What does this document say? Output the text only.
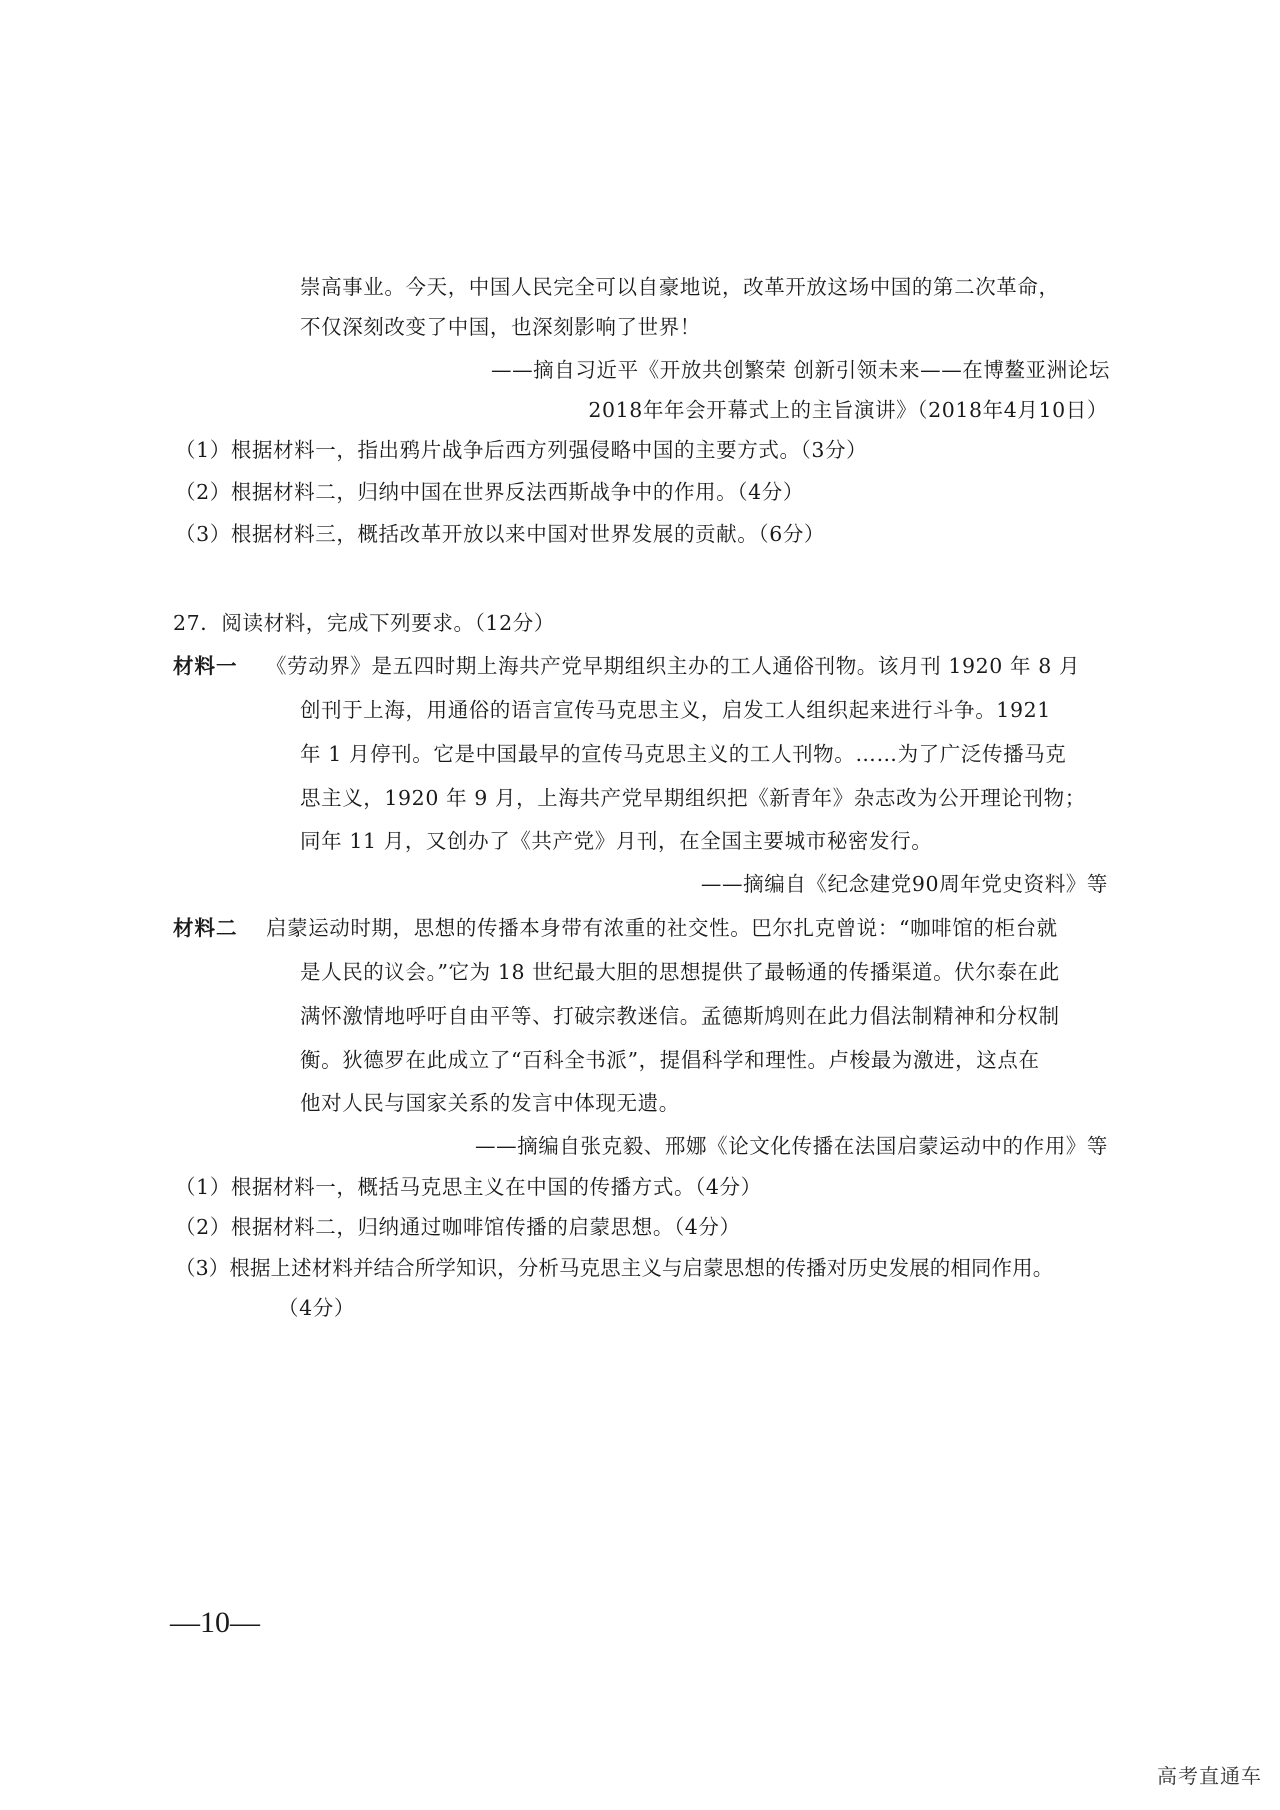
崇高事业。今天，中国人民完全可以自豪地说，改革开放这场中国的第二次革命，
不仅深刻改变了中国，也深刻影响了世界！
——摘自习近平《开放共创繁荣 创新引领未来——在博鳌亚洲论坛
2018年年会开幕式上的主旨演讲》（2018年4月10日）
（1）根据材料一，指出鸦片战争后西方列强侵略中国的主要方式。（3分）
（2）根据材料二，归纳中国在世界反法西斯战争中的作用。（4分）
（3）根据材料三，概括改革开放以来中国对世界发展的贡献。（6分）
27．阅读材料，完成下列要求。（12分）
材料一 《劳动界》是五四时期上海共产党早期组织主办的工人通俗刊物。该月刊 1920 年 8 月
创刊于上海，用通俗的语言宣传马克思主义，启发工人组织起来进行斗争。1921
年 1 月停刊。它是中国最早的宣传马克思主义的工人刊物。……为了广泛传播马克
思主义，1920 年 9 月，上海共产党早期组织把《新青年》杂志改为公开理论刊物；
同年 11 月，又创办了《共产党》月刊，在全国主要城市秘密发行。
——摘编自《纪念建党90周年党史资料》等
材料二 启蒙运动时期，思想的传播本身带有浓重的社交性。巴尔扎克曾说：“咖啡馆的柜台就
是人民的议会。”它为 18 世纪最大胆的思想提供了最畅通的传播渠道。伏尔泰在此
满怀激情地呼吁自由平等、打破宗教迷信。孟德斯鸠则在此力倡法制精神和分权制
衡。狄德罗在此成立了“百科全书派”，提倡科学和理性。卢梭最为激进，这点在
他对人民与国家关系的发言中体现无遗。
——摘编自张克毅、邢娜《论文化传播在法国启蒙运动中的作用》等
（1）根据材料一，概括马克思主义在中国的传播方式。（4分）
（2）根据材料二，归纳通过咖啡馆传播的启蒙思想。（4分）
（3）根据上述材料并结合所学知识，分析马克思主义与启蒙思想的传播对历史发展的相同作用。
（4分）
—10—
高考直通车
